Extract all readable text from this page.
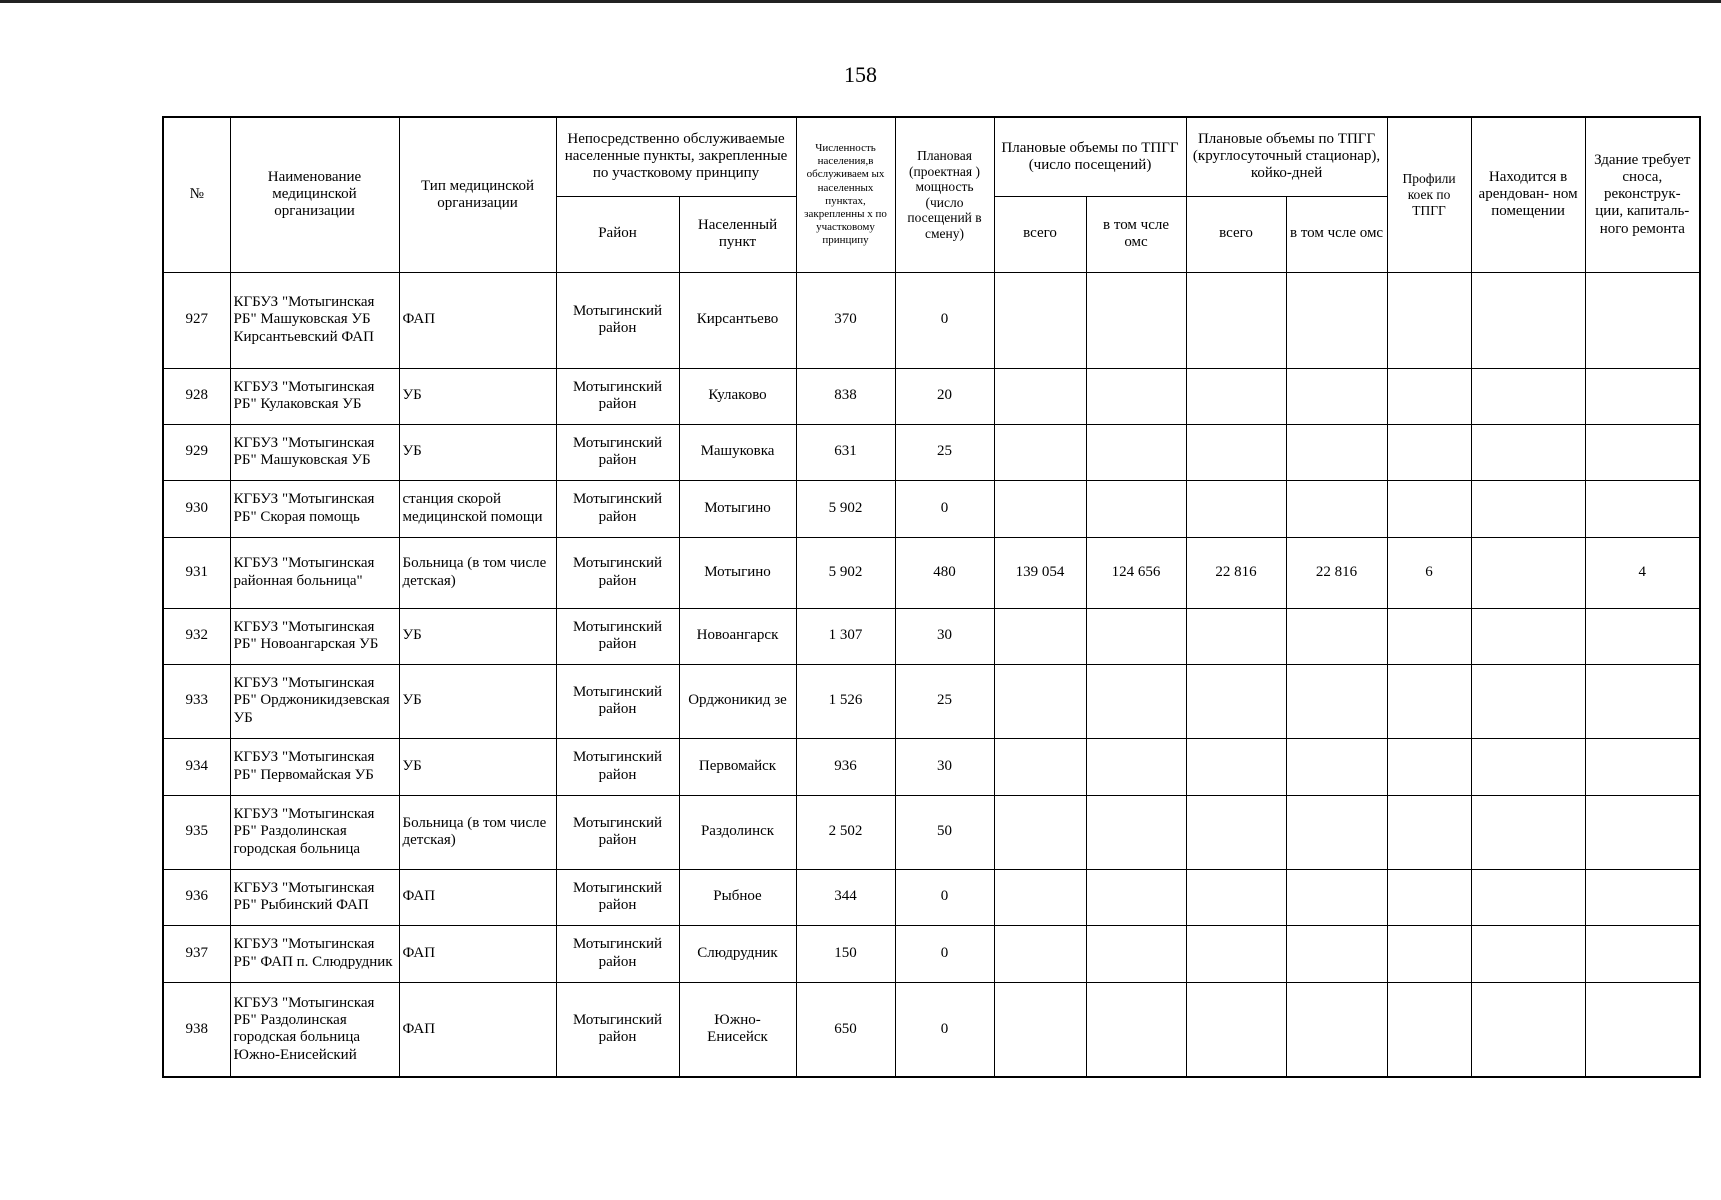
158
№	Наименование медицинской организации	Тип медицинской организации	Непосредственно обслуживаемые населенные пункты, закрепленные по участковому принципу		Численность населения,в обслуживаем ых населенных пунктах, закрепленны х по участковому принципу	Плановая (проектная ) мощность (число посещений в смену)	Плановые объемы по ТПГГ (число посещений)		Плановые объемы по ТПГГ (круглосуточный стационар), койко-дней		Профили коек по ТПГГ	Находится в арендован- ном помещении	Здание требует сноса, реконструк- ции, капиталь- ного ремонта
			Район	Населенный пункт			всего	в том чсле омс	всего	в том чсле омс			
927	КГБУЗ "Мотыгинская РБ" Машуковская УБ Кирсантьевский ФАП	ФАП	Мотыгинский район	Кирсантьево	370	0							
928	КГБУЗ "Мотыгинская РБ" Кулаковская УБ	УБ	Мотыгинский район	Кулаково	838	20							
929	КГБУЗ "Мотыгинская РБ" Машуковская УБ	УБ	Мотыгинский район	Машуковка	631	25							
930	КГБУЗ "Мотыгинская РБ" Скорая помощь	станция скорой медицинской помощи	Мотыгинский район	Мотыгино	5 902	0							
931	КГБУЗ "Мотыгинская районная больница"	Больница (в том числе детская)	Мотыгинский район	Мотыгино	5 902	480	139 054	124 656	22 816	22 816	6		4
932	КГБУЗ "Мотыгинская РБ" Новоангарская УБ	УБ	Мотыгинский район	Новоангарск	1 307	30							
933	КГБУЗ "Мотыгинская РБ" Орджоникидзевская УБ	УБ	Мотыгинский район	Орджоникид зе	1 526	25							
934	КГБУЗ "Мотыгинская РБ" Первомайская УБ	УБ	Мотыгинский район	Первомайск	936	30							
935	КГБУЗ "Мотыгинская РБ" Раздолинская городская больница	Больница (в том числе детская)	Мотыгинский район	Раздолинск	2 502	50							
936	КГБУЗ "Мотыгинская РБ" Рыбинский ФАП	ФАП	Мотыгинский район	Рыбное	344	0							
937	КГБУЗ "Мотыгинская РБ" ФАП п. Слюдрудник	ФАП	Мотыгинский район	Слюдрудник	150	0							
938	КГБУЗ "Мотыгинская РБ" Раздолинская городская больница Южно-Енисейский	ФАП	Мотыгинский район	Южно- Енисейск	650	0							
